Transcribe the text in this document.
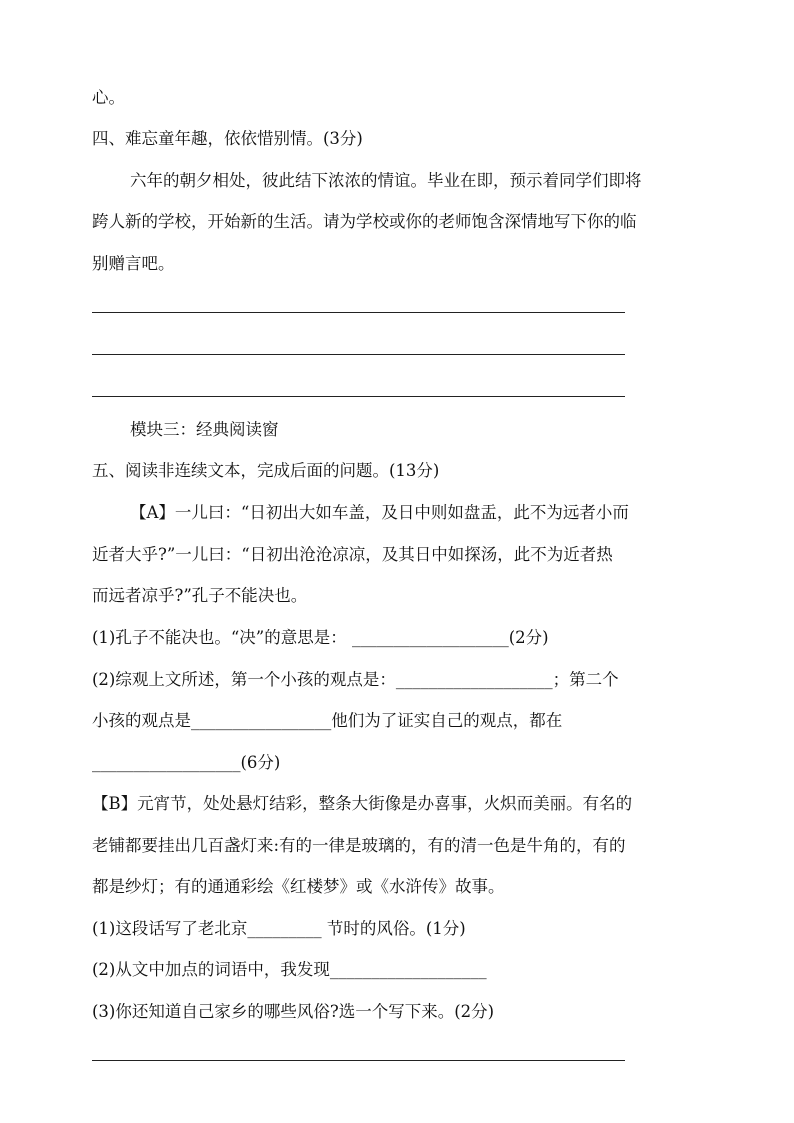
心。

四、难忘童年趣，依依惜别情。(3分)

六年的朝夕相处，彼此结下浓浓的情谊。毕业在即，预示着同学们即将

跨人新的学校，开始新的生活。请为学校或你的老师饱含深情地写下你的临

别赠言吧。

模块三：经典阅读窗

五、阅读非连续文本，完成后面的问题。(13分)

【A】一儿曰：“日初出大如车盖，及日中则如盘盂，此不为远者小而

近者大乎?”一儿曰：“日初出沧沧凉凉，及其日中如探汤，此不为近者热

而远者凉乎?”孔子不能决也。

(1)孔子不能决也。“决”的意思是： ___________________(2分)

(2)综观上文所述，第一个小孩的观点是：___________________；第二个

小孩的观点是_________________他们为了证实自己的观点，都在

__________________(6分)

【B】元宵节，处处悬灯结彩，整条大街像是办喜事，火炽而美丽。有名的

老铺都要挂出几百盏灯来:有的一律是玻璃的，有的清一色是牛角的，有的

都是纱灯；有的通通彩绘《红楼梦》或《水浒传》故事。

(1)这段话写了老北京_________ 节时的风俗。(1分)

(2)从文中加点的词语中，我发现___________________

(3)你还知道自己家乡的哪些风俗?选一个写下来。(2分)
